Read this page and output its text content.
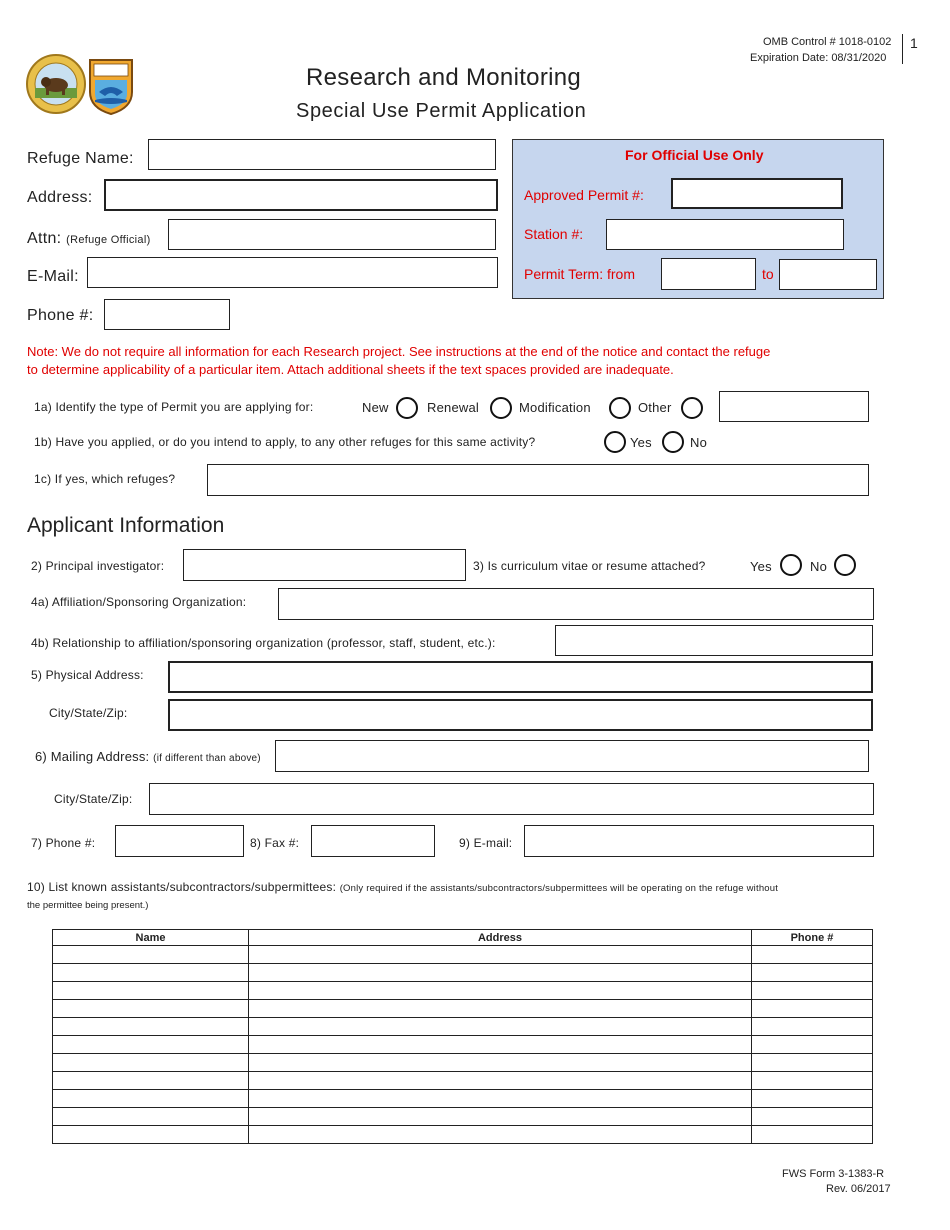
OMB Control # 1018-0102
Expiration Date: 08/31/2020
1
Research and Monitoring
Special Use Permit Application
Refuge Name:
Address:
Attn: (Refuge Official)
E-Mail:
Phone #:
For Official Use Only
Approved Permit #:
Station #:
Permit Term: from	to
Note: We do not require all information for each Research project. See instructions at the end of the notice and contact the refuge
to determine applicability of a particular item. Attach additional sheets if the text spaces provided are inadequate.
1a) Identify the type of Permit you are applying for:	New	Renewal	Modification	Other
1b) Have you applied, or do you intend to apply, to any other refuges for this same activity?	Yes	No
1c) If yes, which refuges?
Applicant Information
2) Principal investigator:	3) Is curriculum vitae or resume attached?	Yes	No
4a) Affiliation/Sponsoring Organization:
4b) Relationship to affiliation/sponsoring organization (professor, staff, student, etc.):
5) Physical Address:
City/State/Zip:
6) Mailing Address: (if different than above)
City/State/Zip:
7) Phone #:	8) Fax #:	9) E-mail:
10) List known assistants/subcontractors/subpermittees: (Only required if the assistants/subcontractors/subpermittees will be operating on the refuge without
the permittee being present.)
Name	Address	Phone #

FWS Form 3-1383-R
Rev. 06/2017
